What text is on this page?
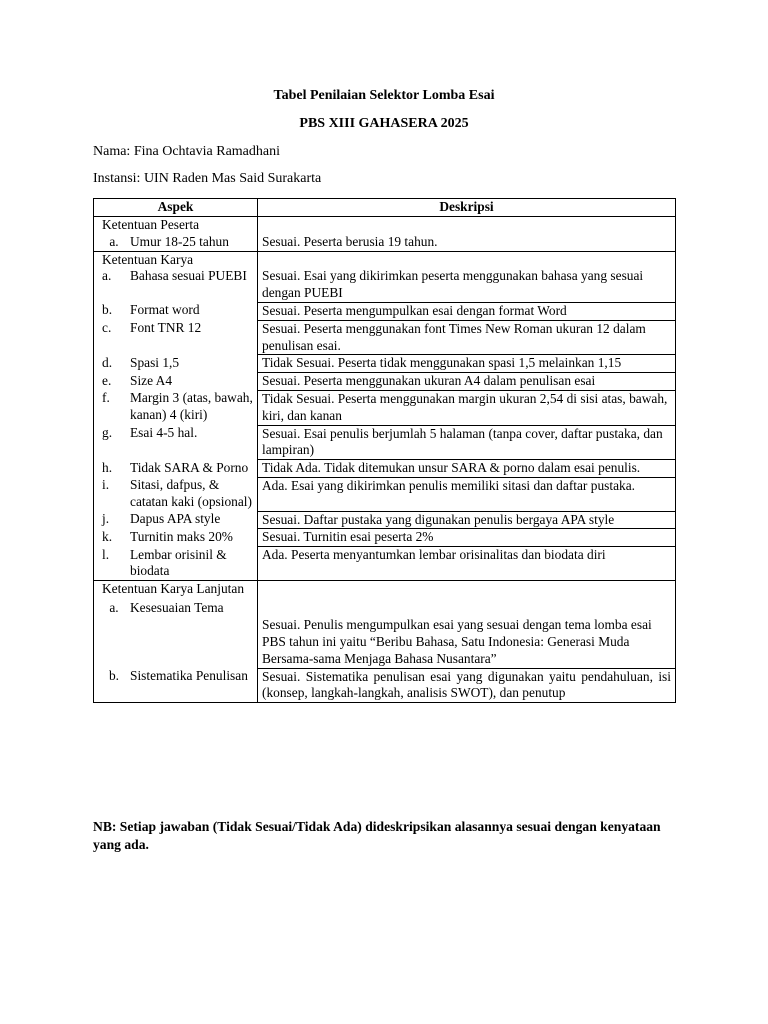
Tabel Penilaian Selektor Lomba Esai
PBS XIII GAHASERA 2025
Nama: Fina Ochtavia Ramadhani
Instansi: UIN Raden Mas Said Surakarta
Aspek	Deskripsi

Ketentuan Peserta
a. Umur 18-25 tahun	Sesuai. Peserta berusia 19 tahun.

Ketentuan Karya	

a. Bahasa sesuai PUEBI	Sesuai. Esai yang dikirimkan peserta menggunakan bahasa yang sesuai dengan PUEBI

b. Format word	Sesuai. Peserta mengumpulkan esai dengan format Word

c. Font TNR 12	Sesuai. Peserta menggunakan font Times New Roman ukuran 12 dalam penulisan esai.

d. Spasi 1,5	Tidak Sesuai. Peserta tidak menggunakan spasi 1,5 melainkan 1,15

e. Size A4	Sesuai. Peserta menggunakan ukuran A4 dalam penulisan esai

f. Margin 3 (atas, bawah, kanan) 4 (kiri)	Tidak Sesuai. Peserta menggunakan margin ukuran 2,54 di sisi atas, bawah, kiri, dan kanan

g. Esai 4-5 hal.	Sesuai. Esai penulis berjumlah 5 halaman (tanpa cover, daftar pustaka, dan lampiran)

h. Tidak SARA & Porno	Tidak Ada. Tidak ditemukan unsur SARA & porno dalam esai penulis.

i. Sitasi, dafpus, & catatan kaki (opsional)	Ada. Esai yang dikirimkan penulis memiliki sitasi dan daftar pustaka.

j. Dapus APA style	Sesuai. Daftar pustaka yang digunakan penulis bergaya APA style

k. Turnitin maks 20%	Sesuai. Turnitin esai peserta 2%

l. Lembar orisinil & biodata	Ada. Peserta menyantumkan lembar orisinalitas dan biodata diri

Ketentuan Karya Lanjutan
a. Kesesuaian Tema	Sesuai. Penulis mengumpulkan esai yang sesuai dengan tema lomba esai PBS tahun ini yaitu “Beribu Bahasa, Satu Indonesia: Generasi Muda Bersama-sama Menjaga Bahasa Nusantara”

b. Sistematika Penulisan	Sesuai. Sistematika penulisan esai yang digunakan yaitu pendahuluan, isi (konsep, langkah-langkah, analisis SWOT), dan penutup
NB: Setiap jawaban (Tidak Sesuai/Tidak Ada) dideskripsikan alasannya sesuai dengan kenyataan yang ada.
